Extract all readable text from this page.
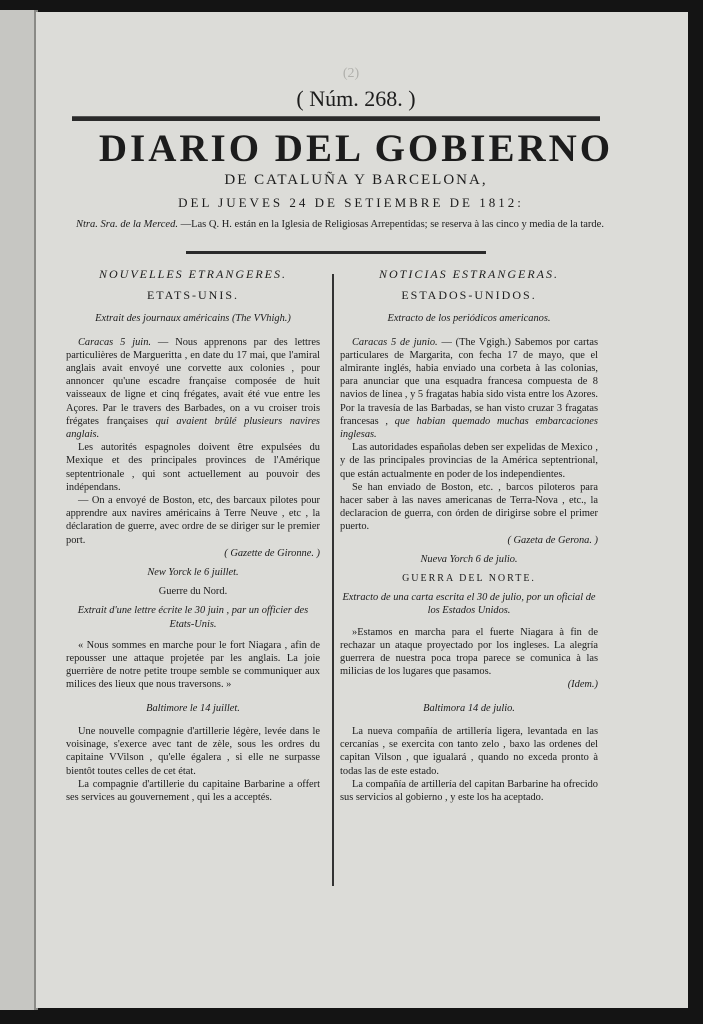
(2)
( Núm. 268. )
DIARIO DEL GOBIERNO
DE CATALUÑA Y BARCELONA,
DEL JUEVES 24 DE SETIEMBRE DE 1812:
Ntra. Sra. de la Merced. —Las Q. H. están en la Iglesia de Religiosas Arrepentidas; se reserva à las cinco y media de la tarde.
NOUVELLES ETRANGERES.
ETATS-UNIS.
Extrait des journaux américains (The VVhigh.)
Caracas 5 juin. — Nous apprenons par des lettres particulières de Margueritta , en date du 17 mai, que l'amiral anglais avait envoyé une corvette aux colonies , pour annoncer qu'une escadre française composée de huit vaisseaux de ligne et cinq frégates, avait été vue entre les Açores. Par le travers des Barbades, on a vu croiser trois frégates françaises qui avaient brûlé plusieurs navires anglais.
Les autorités espagnoles doivent être expulsées du Mexique et des principales provinces de l'Amérique septentrionale , qui sont actuellement au pouvoir des indépendans.
— On a envoyé de Boston, etc, des barcaux pilotes pour apprendre aux navires américains à Terre Neuve , etc , la déclaration de guerre, avec ordre de se diriger sur le premier port.
( Gazette de Gironne. )
New Yorck le 6 juillet.
Guerre du Nord.
Extrait d'une lettre écrite le 30 juin , par un officier des Etats-Unis.
« Nous sommes en marche pour le fort Niagara , afin de repousser une attaque projetée par les anglais. La joie guerrière de notre petite troupe semble se communiquer aux milices des lieux que nous traversons. »
Baltimore le 14 juillet.
Une nouvelle compagnie d'artillerie légère, levée dans le voisinage, s'exerce avec tant de zèle, sous les ordres du capitaine VVilson , qu'elle égalera , si elle ne surpasse bientôt toutes celles de cet état.
La compagnie d'artillerie du capitaine Barbarine a offert ses services au gouvernement , qui les a acceptés.
NOTICIAS ESTRANGERAS.
ESTADOS-UNIDOS.
Extracto de los periódicos americanos.
Caracas 5 de junio. — (The Vgigh.) Sabemos por cartas particulares de Margarita, con fecha 17 de mayo, que el almirante inglés, habia enviado una corbeta à las colonias, para anunciar que una esquadra francesa compuesta de 8 navios de línea , y 5 fragatas habia sido vista entre los Azores. Por la travesía de las Barbadas, se han visto cruzar 3 fragatas francesas , que habian quemado muchas embarcaciones inglesas.
Las autoridades españolas deben ser expelidas de Mexico , y de las principales provincias de la América septentrional, que están actualmente en poder de los independientes.
Se han enviado de Boston, etc. , barcos piloteros para hacer saber à las naves americanas de Terra-Nova , etc., la declaracion de guerra, con órden de dirigirse sobre el primer puerto.
( Gazeta de Gerona. )
Nueva Yorch 6 de julio.
GUERRA DEL NORTE.
Extracto de una carta escrita el 30 de julio, por un oficial de los Estados Unidos.
»Estamos en marcha para el fuerte Niagara à fin de rechazar un ataque proyectado por los ingleses. La alegría guerrera de nuestra poca tropa parece se comunica à las milicias de los lugares que pasamos.
(Idem.)
Baltimora 14 de julio.
La nueva compañía de artillería ligera, levantada en las cercanías , se exercita con tanto zelo , baxo las ordenes del capitan Vilson , que igualará , quando no exceda pronto à todas las de este estado.
La compañía de artillería del capitan Barbarine ha ofrecido sus servicios al gobierno , y este los ha aceptado.
